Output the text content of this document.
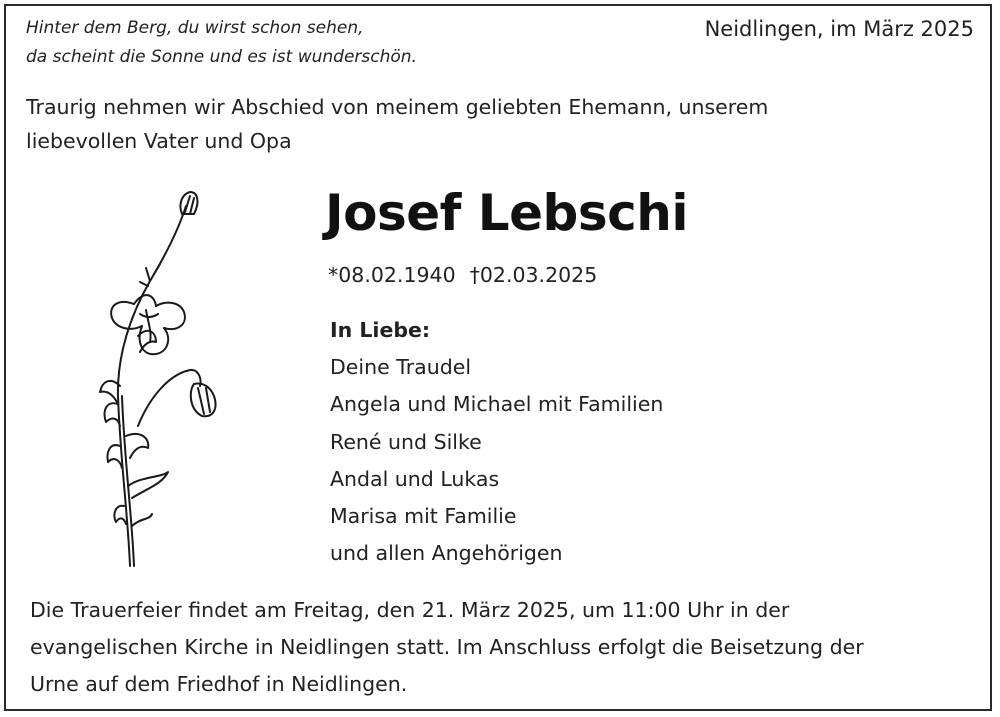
Hinter dem Berg, du wirst schon sehen,
da scheint die Sonne und es ist wunderschön.
Neidlingen, im März 2025
Traurig nehmen wir Abschied von meinem geliebten Ehemann, unserem
liebevollen Vater und Opa
Josef Lebschi
*08.02.1940 †02.03.2025
In Liebe:
Deine Traudel
Angela und Michael mit Familien
René und Silke
Andal und Lukas
Marisa mit Familie
und allen Angehörigen
Die Trauerfeier findet am Freitag, den 21. März 2025, um 11:00 Uhr in der
evangelischen Kirche in Neidlingen statt. Im Anschluss erfolgt die Beisetzung der
Urne auf dem Friedhof in Neidlingen.
